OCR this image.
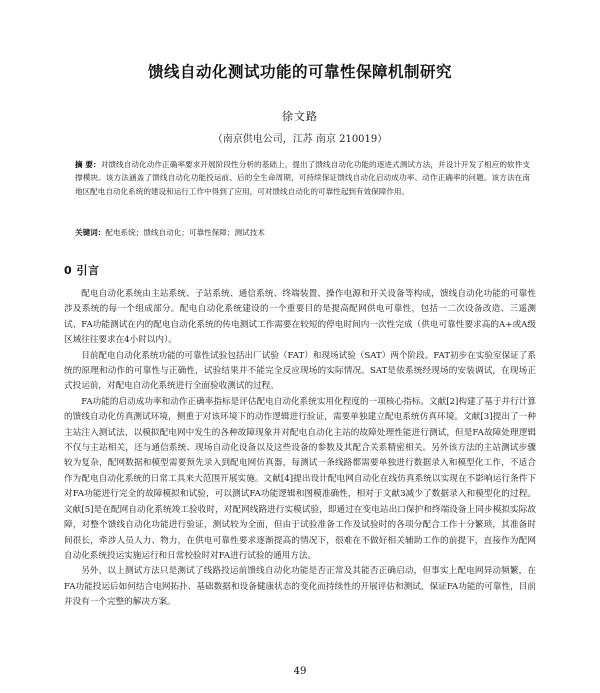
馈线自动化测试功能的可靠性保障机制研究
徐文路
（南京供电公司，江苏 南京 210019）
摘 要：对馈线自动化动作正确率要求开展阶段性分析的基础上，提出了馈线自动化功能的逐进式测试方法，并设计开发了相应的软件支撑模块。该方法涵盖了馈线自动化功能投运前、后的全生命周期，可持续保证馈线自动化启动成功率、动作正确率的问题。该方法在南地区配电自动化系统的建设和运行工作中得到了应用，可对馈线自动化的可靠性起到有效保障作用。
关键词：配电系统；馈线自动化；可靠性保障；测试技术
0 引言

配电自动化系统由主站系统、子站系统、通信系统、终端装置、操作电源和开关设备等构成，馈线自动化功能的可靠性涉及系统的每一个组成部分。配电自动化系统建设的一个重要目的是提高配网供电可靠性，包括一二次设备改造、三遥测试、FA功能测试在内的配电自动化系统的传电测试工作需要在较短的停电时间内一次性完成（供电可靠性要求高的A+或A级区域往往要求在4小时以内）。

目前配电自动化系统功能的可靠性试验包括出厂试验（FAT）和现场试验（SAT）两个阶段。FAT初步在实验室保证了系统的原理和动作的可靠性与正确性，试验结果并不能完全反应现场的实际情况。SAT是依系统经现场的安装调试，在现场正式投运前，对配电自动化系统进行全面验收测试的过程。

FA功能的启动成功率和动作正确率指标是评估配电自动化系统实用化程度的一项核心指标。文献[2]构建了基于并行计算的馈线自动化仿真测试环境，侧重于对该环境下的动作逻辑进行验证，需要单独建立配电系统仿真环境。文献[3]提出了一种主站注入测试法，以模拟配电网中发生的各种故障现象并对配电自动化主站的故障处理性能进行测试，但是FA故障处理逻辑不仅与主站相关，还与通信系统、现场自动化设备以及这些设备的参数及其配合关系精密相关。另外该方法的主站测试步骤较为复杂，配网数据和模型需要预先录入到配电网仿真器，每测试一条线路都需要单独进行数据录入和模型化工作，不适合作为配电自动化系统的日常工具来大范围开展实施。文献[4]提出设计配电网自动化在线仿真系统以实现在不影响运行条件下对FA功能进行完全的故障模拟和试验，可以测试FA功能逻辑和图模准确性，相对于文献3减少了数据录入和模型化的过程。文献[5]是在配网自动化系统竣工验收时，对配网线路进行实模试验，即通过在变电站出口保护和终端设备上同步模拟实际故障，对整个馈线自动化功能进行验证，测试较为全面，但由于试验准备工作及试验时的各项分配合工作十分繁琐，其准备时间很长，牵涉人员人力、物力，在供电可靠性要求逐渐提高的情况下，很难在不做好相关辅助工作的前提下，直接作为配网自动化系统投运实施运行和日常校验时对FA进行试验的通用方法。

另外，以上测试方法只是测试了线路投运前馈线自动化功能是否正常及其能否正确启动，但事实上配电网异动频繁，在FA功能投运后如何结合电网拓扑、基础数据和设备健康状态的变化而持续性的开展评估和测试，保证FA功能的可靠性，目前并没有一个完整的解决方案。

49
